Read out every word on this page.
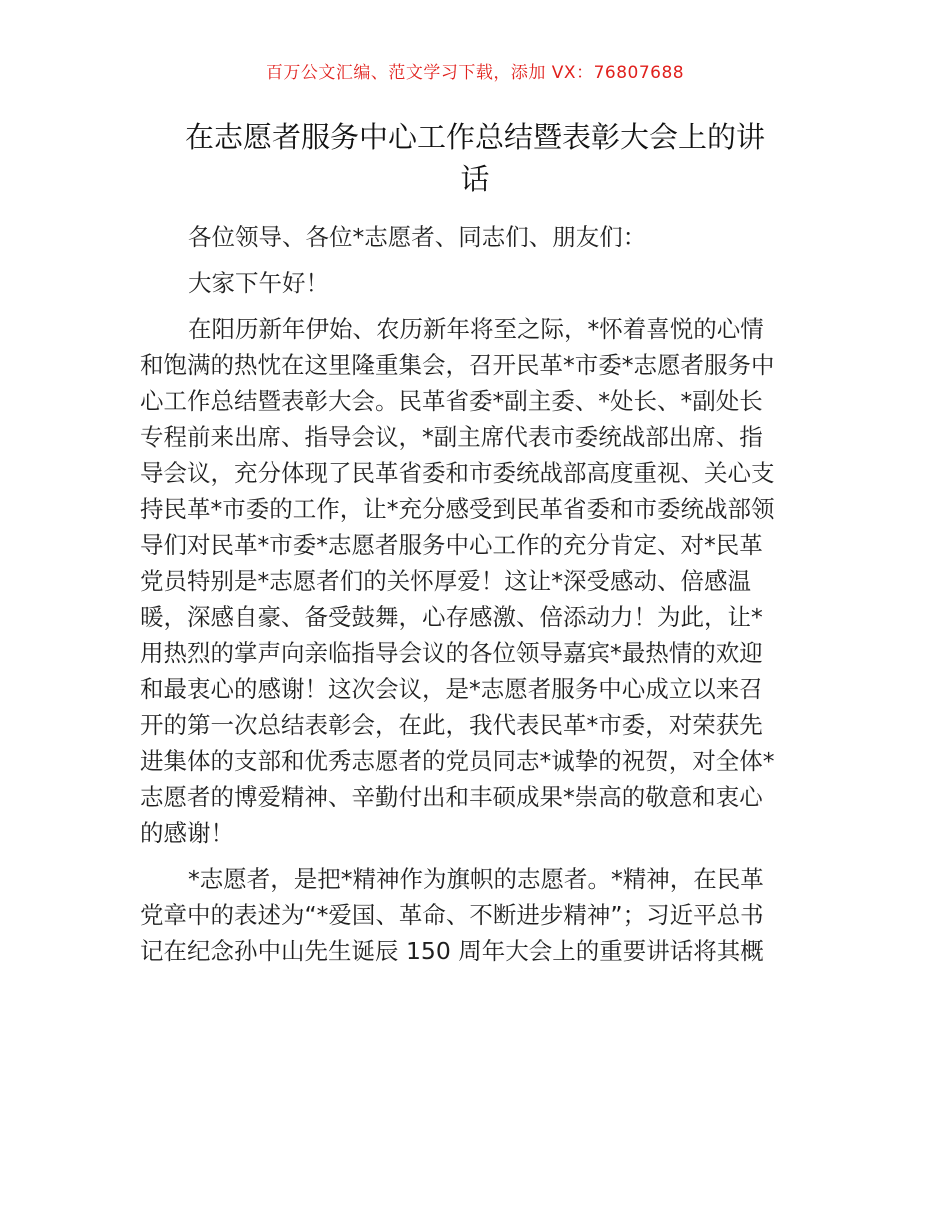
百万公文汇编、范文学习下载，添加 VX：76807688
在志愿者服务中心工作总结暨表彰大会上的讲
话

各位领导、各位*志愿者、同志们、朋友们：

大家下午好！

在阳历新年伊始、农历新年将至之际，*怀着喜悦的心情
和饱满的热忱在这里隆重集会，召开民革*市委*志愿者服务中
心工作总结暨表彰大会。民革省委*副主委、*处长、*副处长
专程前来出席、指导会议，*副主席代表市委统战部出席、指
导会议，充分体现了民革省委和市委统战部高度重视、关心支
持民革*市委的工作，让*充分感受到民革省委和市委统战部领
导们对民革*市委*志愿者服务中心工作的充分肯定、对*民革
党员特别是*志愿者们的关怀厚爱！这让*深受感动、倍感温
暖，深感自豪、备受鼓舞，心存感激、倍添动力！为此，让*
用热烈的掌声向亲临指导会议的各位领导嘉宾*最热情的欢迎
和最衷心的感谢！这次会议，是*志愿者服务中心成立以来召
开的第一次总结表彰会，在此，我代表民革*市委，对荣获先
进集体的支部和优秀志愿者的党员同志*诚挚的祝贺，对全体*
志愿者的博爱精神、辛勤付出和丰硕成果*崇高的敬意和衷心
的感谢！

*志愿者，是把*精神作为旗帜的志愿者。*精神，在民革
党章中的表述为“*爱国、革命、不断进步精神”；习近平总书
记在纪念孙中山先生诞辰 150 周年大会上的重要讲话将其概
